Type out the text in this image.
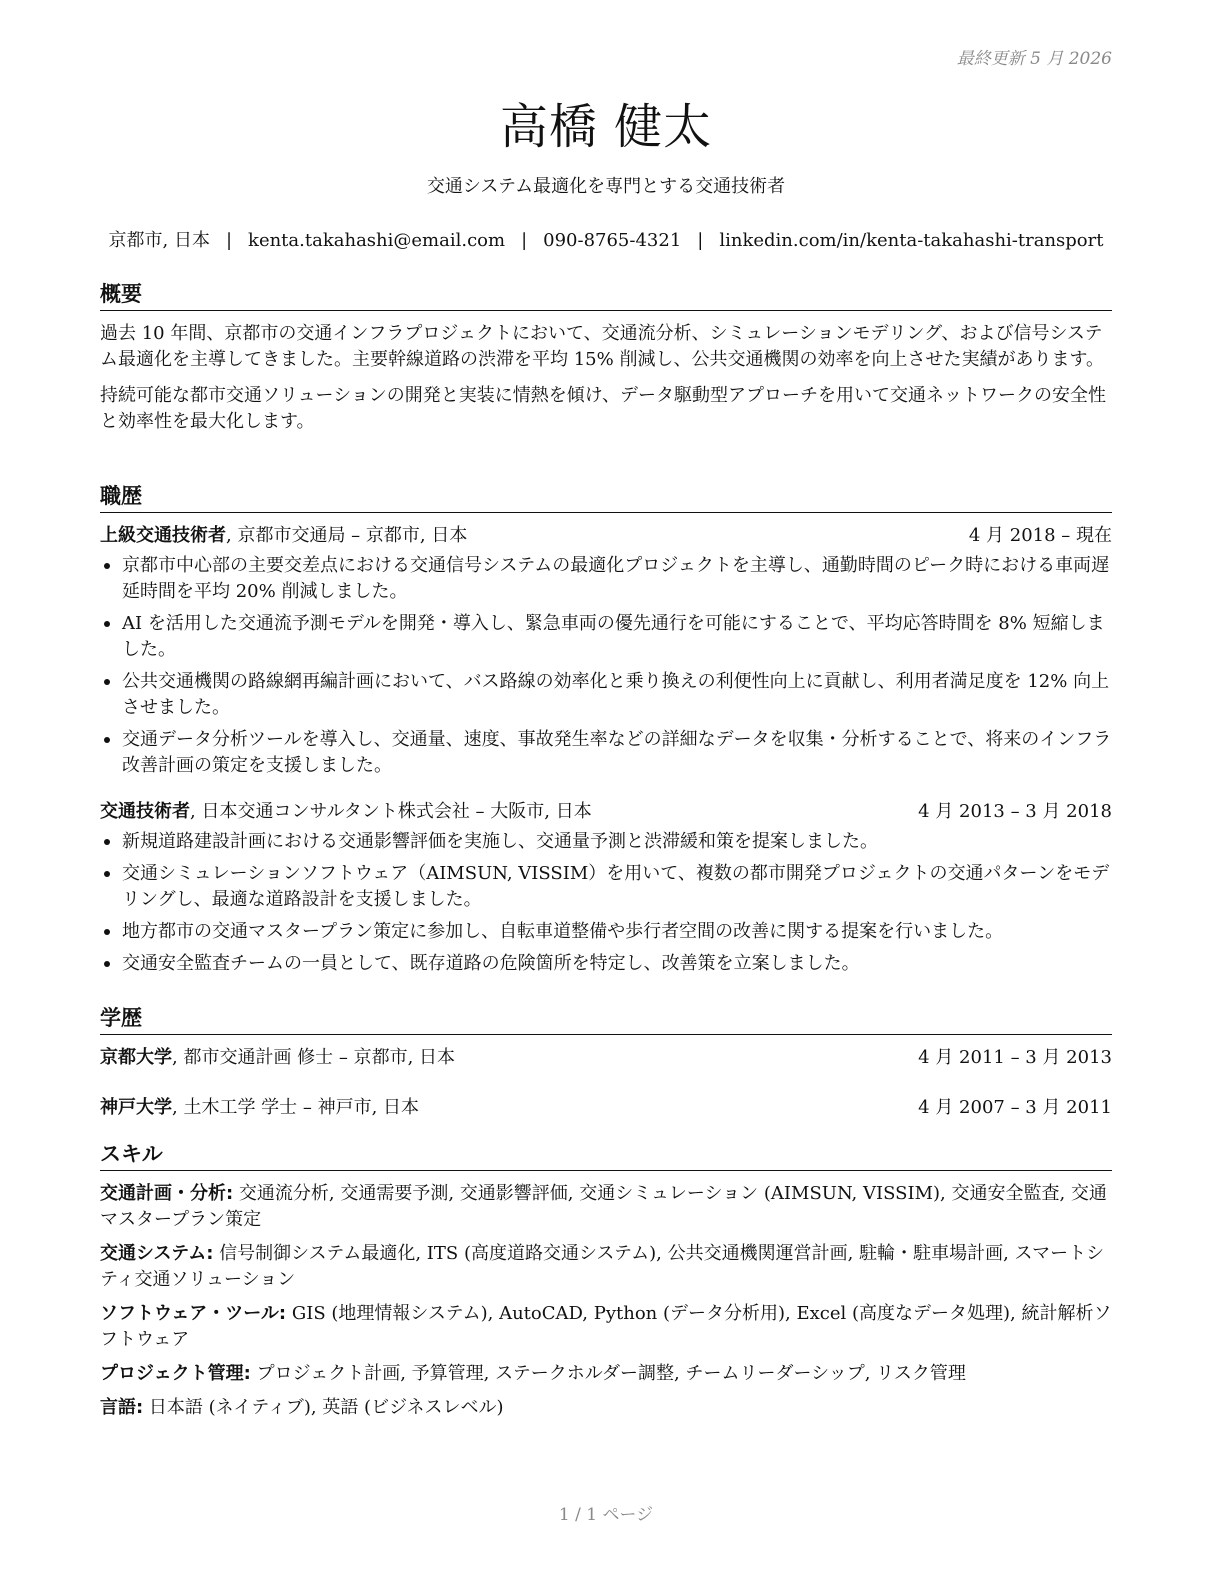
最終更新 5 月 2026
高橋 健太
交通システム最適化を専門とする交通技術者
京都市, 日本 | kenta.takahashi@email.com | 090-8765-4321 | linkedin.com/in/kenta-takahashi-transport
概要

過去 10 年間、京都市の交通インフラプロジェクトにおいて、交通流分析、シミュレーションモデリング、および信号システム最適化を主導してきました。主要幹線道路の渋滞を平均 15% 削減し、公共交通機関の効率を向上させた実績があります。

持続可能な都市交通ソリューションの開発と実装に情熱を傾け、データ駆動型アプローチを用いて交通ネットワークの安全性と効率性を最大化します。

職歴
上級交通技術者, 京都市交通局 – 京都市, 日本	4 月 2018 – 現在
京都市中心部の主要交差点における交通信号システムの最適化プロジェクトを主導し、通勤時間のピーク時における車両遅延時間を平均 20% 削減しました。
AI を活用した交通流予測モデルを開発・導入し、緊急車両の優先通行を可能にすることで、平均応答時間を 8% 短縮しました。
公共交通機関の路線網再編計画において、バス路線の効率化と乗り換えの利便性向上に貢献し、利用者満足度を 12% 向上させました。
交通データ分析ツールを導入し、交通量、速度、事故発生率などの詳細なデータを収集・分析することで、将来のインフラ改善計画の策定を支援しました。
交通技術者, 日本交通コンサルタント株式会社 – 大阪市, 日本	4 月 2013 – 3 月 2018
新規道路建設計画における交通影響評価を実施し、交通量予測と渋滞緩和策を提案しました。
交通シミュレーションソフトウェア（AIMSUN, VISSIM）を用いて、複数の都市開発プロジェクトの交通パターンをモデリングし、最適な道路設計を支援しました。
地方都市の交通マスタープラン策定に参加し、自転車道整備や歩行者空間の改善に関する提案を行いました。
交通安全監査チームの一員として、既存道路の危険箇所を特定し、改善策を立案しました。
学歴
京都大学, 都市交通計画 修士 – 京都市, 日本	4 月 2011 – 3 月 2013
神戸大学, 土木工学 学士 – 神戸市, 日本	4 月 2007 – 3 月 2011
スキル
交通計画・分析: 交通流分析, 交通需要予測, 交通影響評価, 交通シミュレーション (AIMSUN, VISSIM), 交通安全監査, 交通マスタープラン策定
交通システム: 信号制御システム最適化, ITS (高度道路交通システム), 公共交通機関運営計画, 駐輪・駐車場計画, スマートシティ交通ソリューション
ソフトウェア・ツール: GIS (地理情報システム), AutoCAD, Python (データ分析用), Excel (高度なデータ処理), 統計解析ソフトウェア
プロジェクト管理: プロジェクト計画, 予算管理, ステークホルダー調整, チームリーダーシップ, リスク管理
言語: 日本語 (ネイティブ), 英語 (ビジネスレベル)
1 / 1 ページ
